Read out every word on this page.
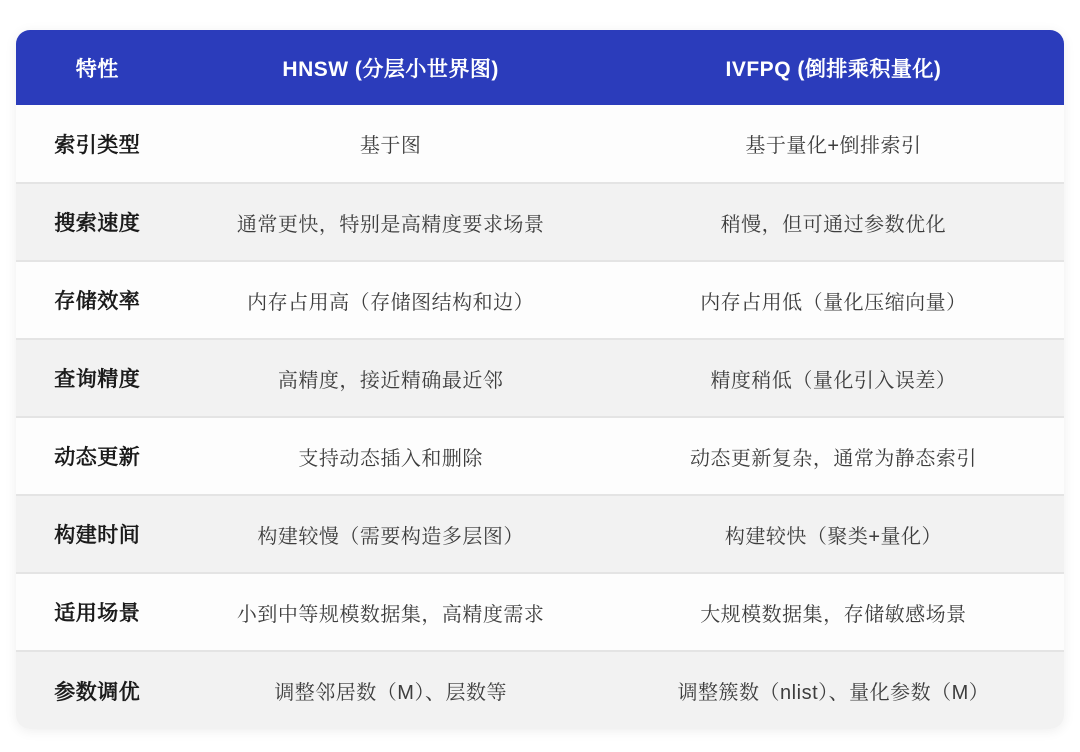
特性	HNSW (分层小世界图)	IVFPQ (倒排乘积量化)
索引类型	基于图	基于量化+倒排索引
搜索速度	通常更快，特别是高精度要求场景	稍慢，但可通过参数优化
存储效率	内存占用高（存储图结构和边）	内存占用低（量化压缩向量）
查询精度	高精度，接近精确最近邻	精度稍低（量化引入误差）
动态更新	支持动态插入和删除	动态更新复杂，通常为静态索引
构建时间	构建较慢（需要构造多层图）	构建较快（聚类+量化）
适用场景	小到中等规模数据集，高精度需求	大规模数据集，存储敏感场景
参数调优	调整邻居数（M）、层数等	调整簇数（nlist）、量化参数（M）
